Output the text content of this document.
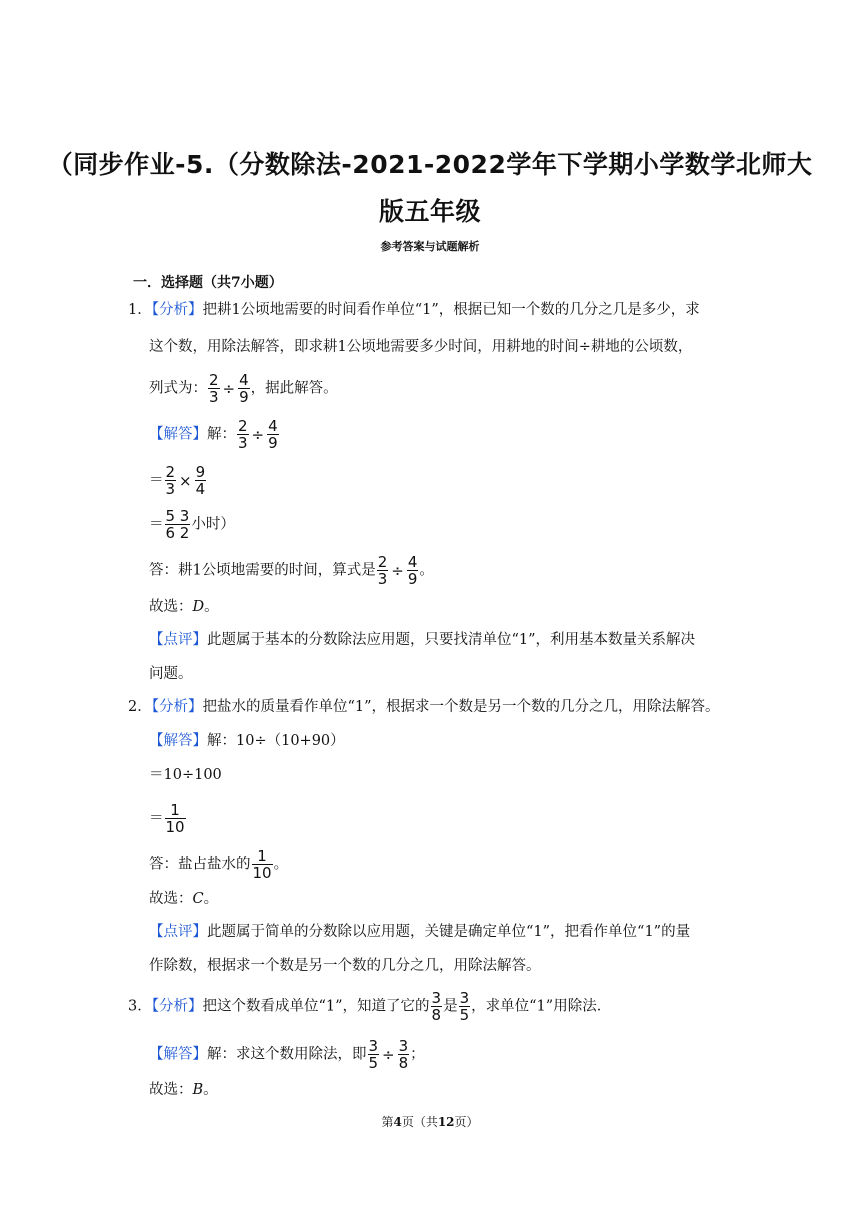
（同步作业-5.（分数除法-2021-2022学年下学期小学数学北师大
版五年级
参考答案与试题解析
一．选择题（共7小题）
1．【分析】把耕1公顷地需要的时间看作单位“1”，根据已知一个数的几分之几是多少，求
这个数，用除法解答，即求耕1公顷地需要多少时间，用耕地的时间÷耕地的公顷数，
列式为： $\frac{2}{3} \div \frac{4}{9}$ ，据此解答。
【解答】解： $\frac{2}{3} \div \frac{4}{9}$
＝ $\frac{2}{3} \times \frac{9}{4}$
＝ $\frac{5 3}{6 2}$ 小时）
答：耕1公顷地需要的时间，算式是 $\frac{2}{3} \div \frac{4}{9}$ 。
故选：D。
【点评】此题属于基本的分数除法应用题，只要找清单位“1”，利用基本数量关系解决
问题。
2．【分析】把盐水的质量看作单位“1”，根据求一个数是另一个数的几分之几，用除法解答。
【解答】解：10÷（10+90）
＝10÷100
＝ $\frac{1}{10}$
答：盐占盐水的 $\frac{1}{10}$ 。
故选：C。
【点评】此题属于简单的分数除以应用题，关键是确定单位“1”，把看作单位“1”的量
作除数，根据求一个数是另一个数的几分之几，用除法解答。
3．【分析】把这个数看成单位“1”，知道了它的 $\frac{3}{8}$ 是 $\frac{3}{5}$ ，求单位“1”用除法．
【解答】解：求这个数用除法，即 $\frac{3}{5} \div \frac{3}{8}$ ；
故选：B。
第4页（共12页）
